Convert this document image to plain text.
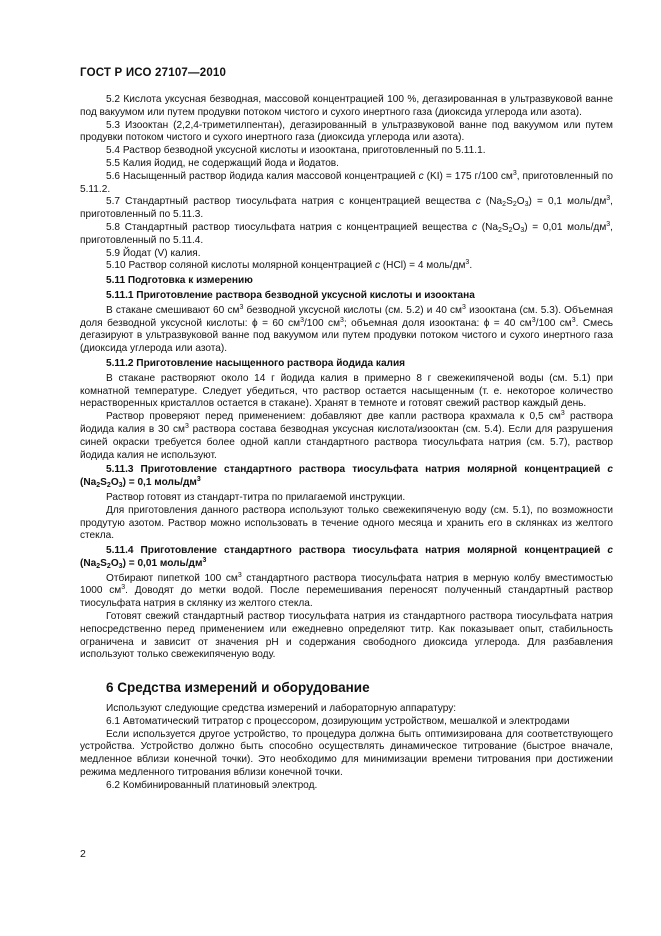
ГОСТ Р ИСО 27107—2010

5.2 Кислота уксусная безводная, массовой концентрацией 100 %, дегазированная в ультразвуковой ванне под вакуумом или путем продувки потоком чистого и сухого инертного газа (диоксида углерода или азота).

5.3 Изооктан (2,2,4-триметилпентан), дегазированный в ультразвуковой ванне под вакуумом или путем продувки потоком чистого и сухого инертного газа (диоксида углерода или азота).

5.4 Раствор безводной уксусной кислоты и изооктана, приготовленный по 5.11.1.

5.5 Калия йодид, не содержащий йода и йодатов.

5.6 Насыщенный раствор йодида калия массовой концентрацией c (KI) = 175 г/100 $см^3$, приготовленный по 5.11.2.

5.7 Стандартный раствор тиосульфата натрия с концентрацией вещества c $(Na_2S_2O_3) = 0,1$ моль/$дм^3$, приготовленный по 5.11.3.

5.8 Стандартный раствор тиосульфата натрия с концентрацией вещества c $(Na_2S_2O_3) = 0,01$ моль/$дм^3$, приготовленный по 5.11.4.

5.9 Йодат (V) калия.

5.10 Раствор соляной кислоты молярной концентрацией c (HCl) = 4 моль/$дм^3$.

5.11 Подготовка к измерению

5.11.1 Приготовление раствора безводной уксусной кислоты и изооктана

В стакане смешивают 60 $см^3$ безводной уксусной кислоты (см. 5.2) и 40 $см^3$ изооктана (см. 5.3). Объемная доля безводной уксусной кислоты: ϕ = 60 $см^3/100$ $см^3$; объемная доля изооктана: ϕ = 40 $см^3/100$ $см^3$. Смесь дегазируют в ультразвуковой ванне под вакуумом или путем продувки потоком чистого и сухого инертного газа (диоксида углерода или азота).

5.11.2 Приготовление насыщенного раствора йодида калия

В стакане растворяют около 14 г йодида калия в примерно 8 г свежекипяченой воды (см. 5.1) при комнатной температуре. Следует убедиться, что раствор остается насыщенным (т. е. некоторое количество нерастворенных кристаллов остается в стакане). Хранят в темноте и готовят свежий раствор каждый день.

Раствор проверяют перед применением: добавляют две капли раствора крахмала к 0,5 $см^3$ раствора йодида калия в 30 $см^3$ раствора состава безводная уксусная кислота/изооктан (см. 5.4). Если для разрушения синей окраски требуется более одной капли стандартного раствора тиосульфата натрия (см. 5.7), раствор йодида калия не используют.

5.11.3 Приготовление стандартного раствора тиосульфата натрия молярной концентрацией c $(Na_2S_2O_3) = 0,1$ моль/$дм^3$

Раствор готовят из стандарт-титра по прилагаемой инструкции.

Для приготовления данного раствора используют только свежекипяченую воду (см. 5.1), по возможности продутую азотом. Раствор можно использовать в течение одного месяца и хранить его в склянках из желтого стекла.

5.11.4 Приготовление стандартного раствора тиосульфата натрия молярной концентрацией c $(Na_2S_2O_3) = 0,01$ моль/$дм^3$

Отбирают пипеткой 100 $см^3$ стандартного раствора тиосульфата натрия в мерную колбу вместимостью 1000 $см^3$. Доводят до метки водой. После перемешивания переносят полученный стандартный раствор тиосульфата натрия в склянку из желтого стекла.

Готовят свежий стандартный раствор тиосульфата натрия из стандартного раствора тиосульфата натрия непосредственно перед применением или ежедневно определяют титр. Как показывает опыт, стабильность ограничена и зависит от значения pH и содержания свободного диоксида углерода. Для разбавления используют только свежекипяченую воду.

6 Средства измерений и оборудование

Используют следующие средства измерений и лабораторную аппаратуру:

6.1 Автоматический титратор с процессором, дозирующим устройством, мешалкой и электродами

Если используется другое устройство, то процедура должна быть оптимизирована для соответствующего устройства. Устройство должно быть способно осуществлять динамическое титрование (быстрое вначале, медленное вблизи конечной точки). Это необходимо для минимизации времени титрования при достижении режима медленного титрования вблизи конечной точки.

6.2 Комбинированный платиновый электрод.

2
